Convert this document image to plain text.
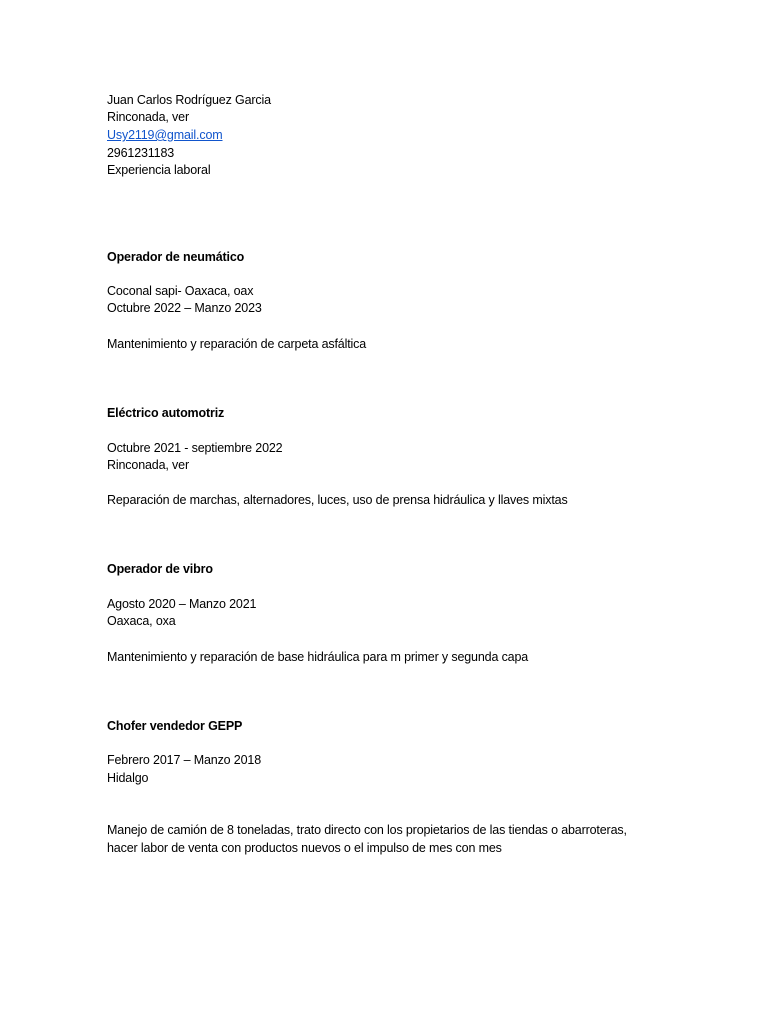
Juan Carlos Rodríguez Garcia
Rinconada, ver
Usy2119@gmail.com
2961231183
Experiencia laboral
Operador de neumático
Coconal sapi- Oaxaca, oax
Octubre 2022 – Manzo 2023
Mantenimiento y reparación de carpeta asfáltica
Eléctrico automotriz
Octubre 2021 - septiembre 2022
Rinconada, ver
Reparación de marchas, alternadores, luces, uso de prensa hidráulica y llaves mixtas
Operador de vibro
Agosto 2020 – Manzo 2021
Oaxaca, oxa
Mantenimiento y reparación de base hidráulica para m primer y segunda capa
Chofer vendedor GEPP
Febrero 2017 – Manzo 2018
Hidalgo
Manejo de camión de 8 toneladas, trato directo con los propietarios de las tiendas o abarroteras,
hacer labor de venta con productos nuevos o el impulso de mes con mes
